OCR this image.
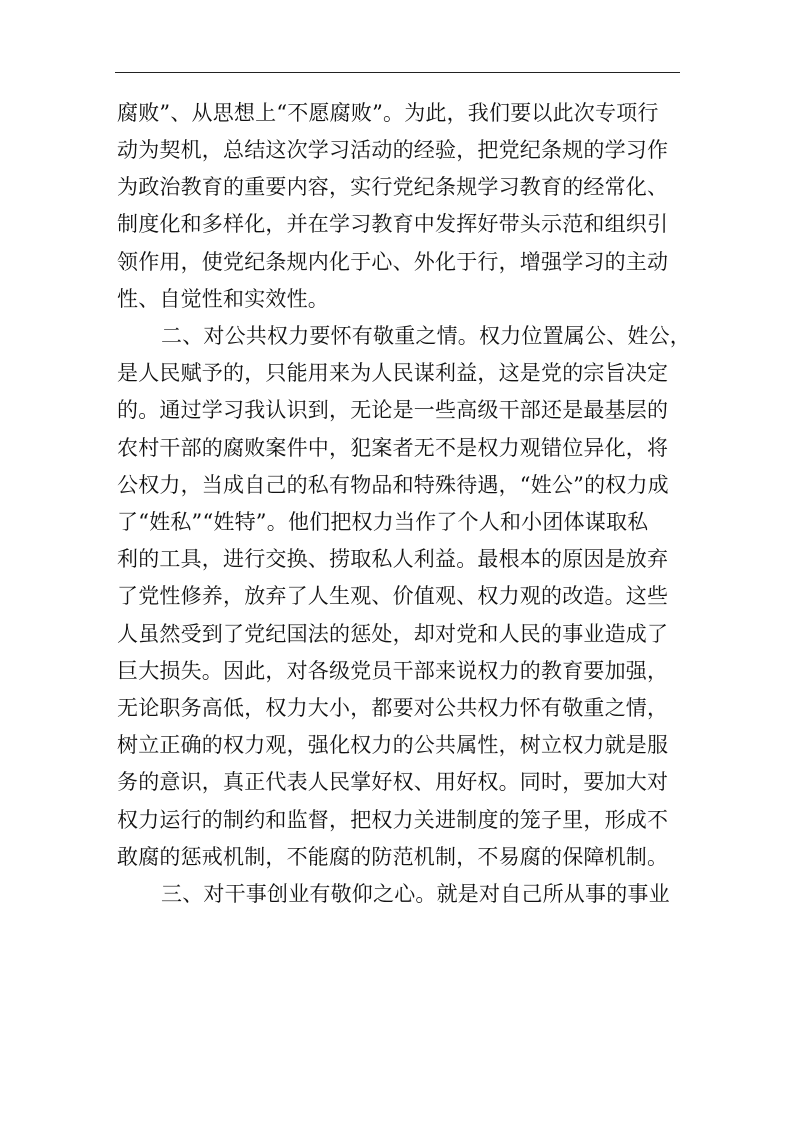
腐败”、从思想上“不愿腐败”。为此，我们要以此次专项行
动为契机，总结这次学习活动的经验，把党纪条规的学习作
为政治教育的重要内容，实行党纪条规学习教育的经常化、
制度化和多样化，并在学习教育中发挥好带头示范和组织引
领作用，使党纪条规内化于心、外化于行，增强学习的主动
性、自觉性和实效性。
二、对公共权力要怀有敬重之情。权力位置属公、姓公，
是人民赋予的，只能用来为人民谋利益，这是党的宗旨决定
的。通过学习我认识到，无论是一些高级干部还是最基层的
农村干部的腐败案件中，犯案者无不是权力观错位异化，将
公权力，当成自己的私有物品和特殊待遇，“姓公”的权力成
了“姓私”“姓特”。他们把权力当作了个人和小团体谋取私
利的工具，进行交换、捞取私人利益。最根本的原因是放弃
了党性修养，放弃了人生观、价值观、权力观的改造。这些
人虽然受到了党纪国法的惩处，却对党和人民的事业造成了
巨大损失。因此，对各级党员干部来说权力的教育要加强，
无论职务高低，权力大小，都要对公共权力怀有敬重之情，
树立正确的权力观，强化权力的公共属性，树立权力就是服
务的意识，真正代表人民掌好权、用好权。同时，要加大对
权力运行的制约和监督，把权力关进制度的笼子里，形成不
敢腐的惩戒机制，不能腐的防范机制，不易腐的保障机制。
三、对干事创业有敬仰之心。就是对自己所从事的事业
